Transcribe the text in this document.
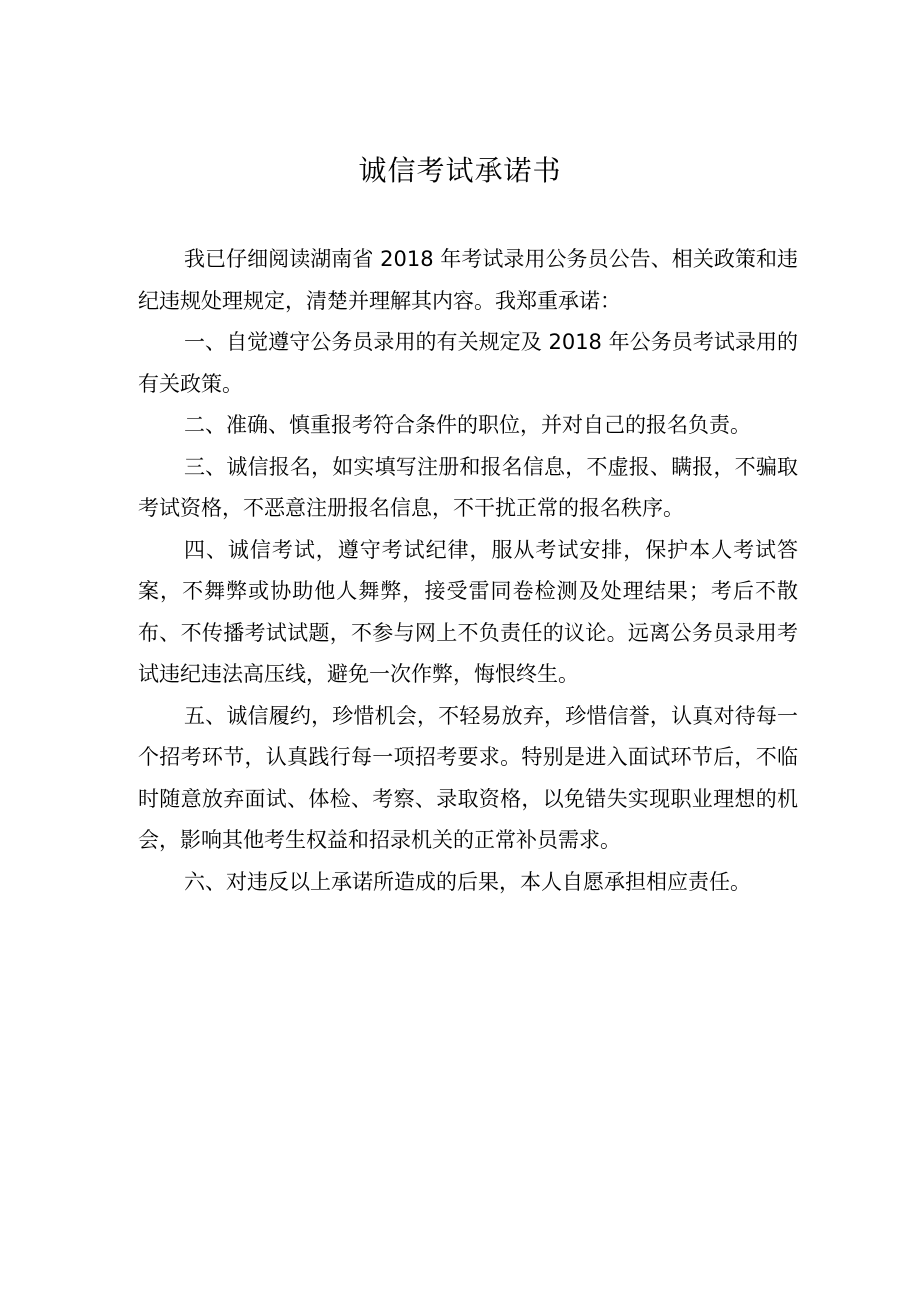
诚信考试承诺书

我已仔细阅读湖南省 2018 年考试录用公务员公告、相关政策和违纪违规处理规定，清楚并理解其内容。我郑重承诺：

一、自觉遵守公务员录用的有关规定及 2018 年公务员考试录用的有关政策。

二、准确、慎重报考符合条件的职位，并对自己的报名负责。

三、诚信报名，如实填写注册和报名信息，不虚报、瞒报，不骗取考试资格，不恶意注册报名信息，不干扰正常的报名秩序。

四、诚信考试，遵守考试纪律，服从考试安排，保护本人考试答案，不舞弊或协助他人舞弊，接受雷同卷检测及处理结果；考后不散布、不传播考试试题，不参与网上不负责任的议论。远离公务员录用考试违纪违法高压线，避免一次作弊，悔恨终生。

五、诚信履约，珍惜机会，不轻易放弃，珍惜信誉，认真对待每一个招考环节，认真践行每一项招考要求。特别是进入面试环节后，不临时随意放弃面试、体检、考察、录取资格，以免错失实现职业理想的机会，影响其他考生权益和招录机关的正常补员需求。

六、对违反以上承诺所造成的后果，本人自愿承担相应责任。
